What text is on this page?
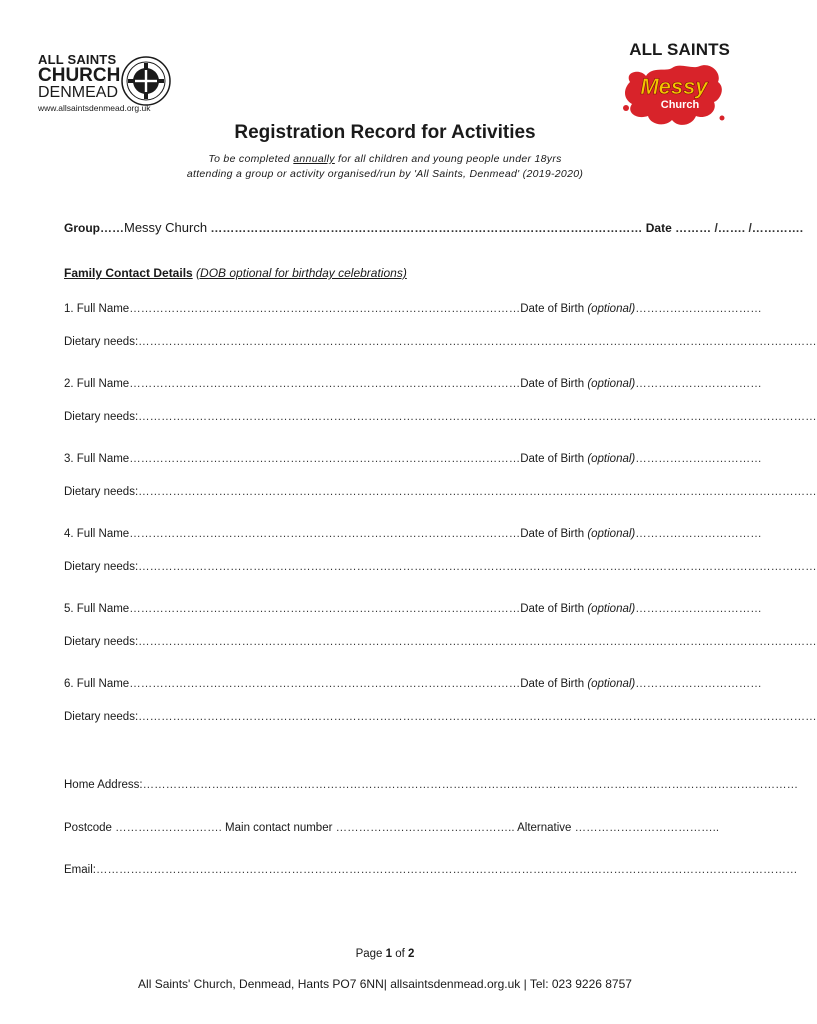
ALL SAINTS
CHURCH
DENMEAD
www.allsaintsdenmead.org.uk
ALL SAINTS
Messy
Church
Registration Record for Activities
To be completed annually for all children and young people under 18yrs
attending a group or activity organised/run by 'All Saints, Denmead' (2019-2020)
Group……Messy Church ……………………………………………………………………………………………… Date ……… /……. /………….
Family Contact Details (DOB optional for birthday celebrations)
1. Full Name…………………………………………………………………………………………Date of Birth (optional)……………………………
Dietary needs:……………………………………………………………………………………………………………………………………………………………
2. Full Name…………………………………………………………………………………………Date of Birth (optional)……………………………
Dietary needs:……………………………………………………………………………………………………………………………………………………………
3. Full Name…………………………………………………………………………………………Date of Birth (optional)……………………………
Dietary needs:……………………………………………………………………………………………………………………………………………………………
4. Full Name…………………………………………………………………………………………Date of Birth (optional)……………………………
Dietary needs:……………………………………………………………………………………………………………………………………………………………
5. Full Name…………………………………………………………………………………………Date of Birth (optional)……………………………
Dietary needs:……………………………………………………………………………………………………………………………………………………………
6. Full Name…………………………………………………………………………………………Date of Birth (optional)……………………………
Dietary needs:……………………………………………………………………………………………………………………………………………………………
Home Address:………………………………………………………………………………………………………………………………………………………
Postcode ………………………. Main contact number ……………………………………….. Alternative ………………………………..
Email:…………………………………………………………………………………………………………………………………………………………………
Page 1 of 2
All Saints' Church, Denmead, Hants PO7 6NN| allsaintsdenmead.org.uk | Tel: 023 9226 8757
